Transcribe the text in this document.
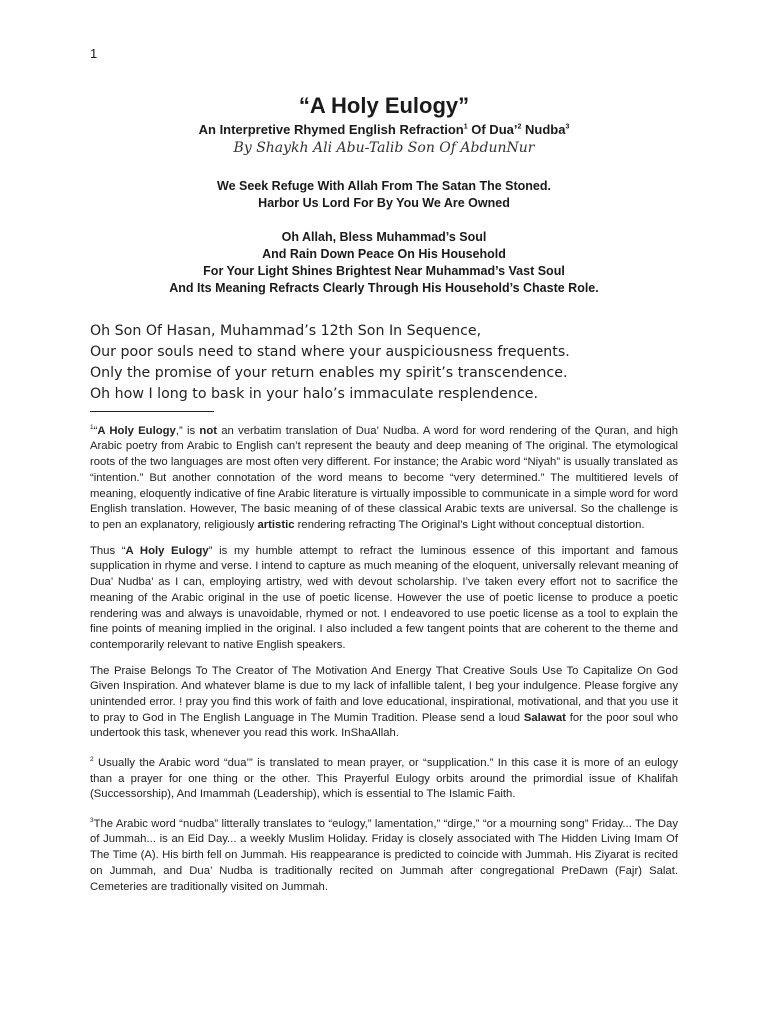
1
“A Holy Eulogy”

An Interpretive Rhymed English Refraction$^1$ Of Dua’$^2$ Nudba$^3$

By Shaykh Ali Abu-Talib Son Of AbdunNur
We Seek Refuge With Allah From The Satan The Stoned.
Harbor Us Lord For By You We Are Owned
Oh Allah, Bless Muhammad’s Soul
And Rain Down Peace On His Household
For Your Light Shines Brightest Near Muhammad’s Vast Soul
And Its Meaning Refracts Clearly Through His Household’s Chaste Role.
Oh Son Of Hasan, Muhammad’s 12th Son In Sequence,
Our poor souls need to stand where your auspiciousness frequents.
Only the promise of your return enables my spirit’s transcendence.
Oh how I long to bask in your halo’s immaculate resplendence.

$^1$“A Holy Eulogy,” is not an verbatim translation of Dua’ Nudba. A word for word rendering of the Quran, and high Arabic poetry from Arabic to English can’t represent the beauty and deep meaning of The original. The etymological roots of the two languages are most often very different. For instance; the Arabic word “Niyah” is usually translated as “intention.” But another connotation of the word means to become “very determined.” The multitiered levels of meaning, eloquently indicative of fine Arabic literature is virtually impossible to communicate in a simple word for word English translation. However, The basic meaning of of these classical Arabic texts are universal. So the challenge is to pen an explanatory, religiously artistic rendering refracting The Original’s Light without conceptual distortion.

Thus “A Holy Eulogy” is my humble attempt to refract the luminous essence of this important and famous supplication in rhyme and verse. I intend to capture as much meaning of the eloquent, universally relevant meaning of Dua’ Nudba’ as I can, employing artistry, wed with devout scholarship. I’ve taken every effort not to sacrifice the meaning of the Arabic original in the use of poetic license. However the use of poetic license to produce a poetic rendering was and always is unavoidable, rhymed or not. I endeavored to use poetic license as a tool to explain the fine points of meaning implied in the original. I also included a few tangent points that are coherent to the theme and contemporarily relevant to native English speakers.

The Praise Belongs To The Creator of The Motivation And Energy That Creative Souls Use To Capitalize On God Given Inspiration. And whatever blame is due to my lack of infallible talent, I beg your indulgence. Please forgive any unintended error. ! pray you find this work of faith and love educational, inspirational, motivational, and that you use it to pray to God in The English Language in The Mumin Tradition. Please send a loud Salawat for the poor soul who undertook this task, whenever you read this work. InShaAllah.

$^2$ Usually the Arabic word “dua’” is translated to mean prayer, or “supplication.” In this case it is more of an eulogy than a prayer for one thing or the other. This Prayerful Eulogy orbits around the primordial issue of Khalifah (Successorship), And Imammah (Leadership), which is essential to The Islamic Faith.

$^3$The Arabic word “nudba” litterally translates to “eulogy,” lamentation,” “dirge,” “or a mourning song” Friday... The Day of Jummah... is an Eid Day... a weekly Muslim Holiday. Friday is closely associated with The Hidden Living Imam Of The Time (A). His birth fell on Jummah. His reappearance is predicted to coincide with Jummah. His Ziyarat is recited on Jummah, and Dua’ Nudba is traditionally recited on Jummah after congregational PreDawn (Fajr) Salat. Cemeteries are traditionally visited on Jummah.
